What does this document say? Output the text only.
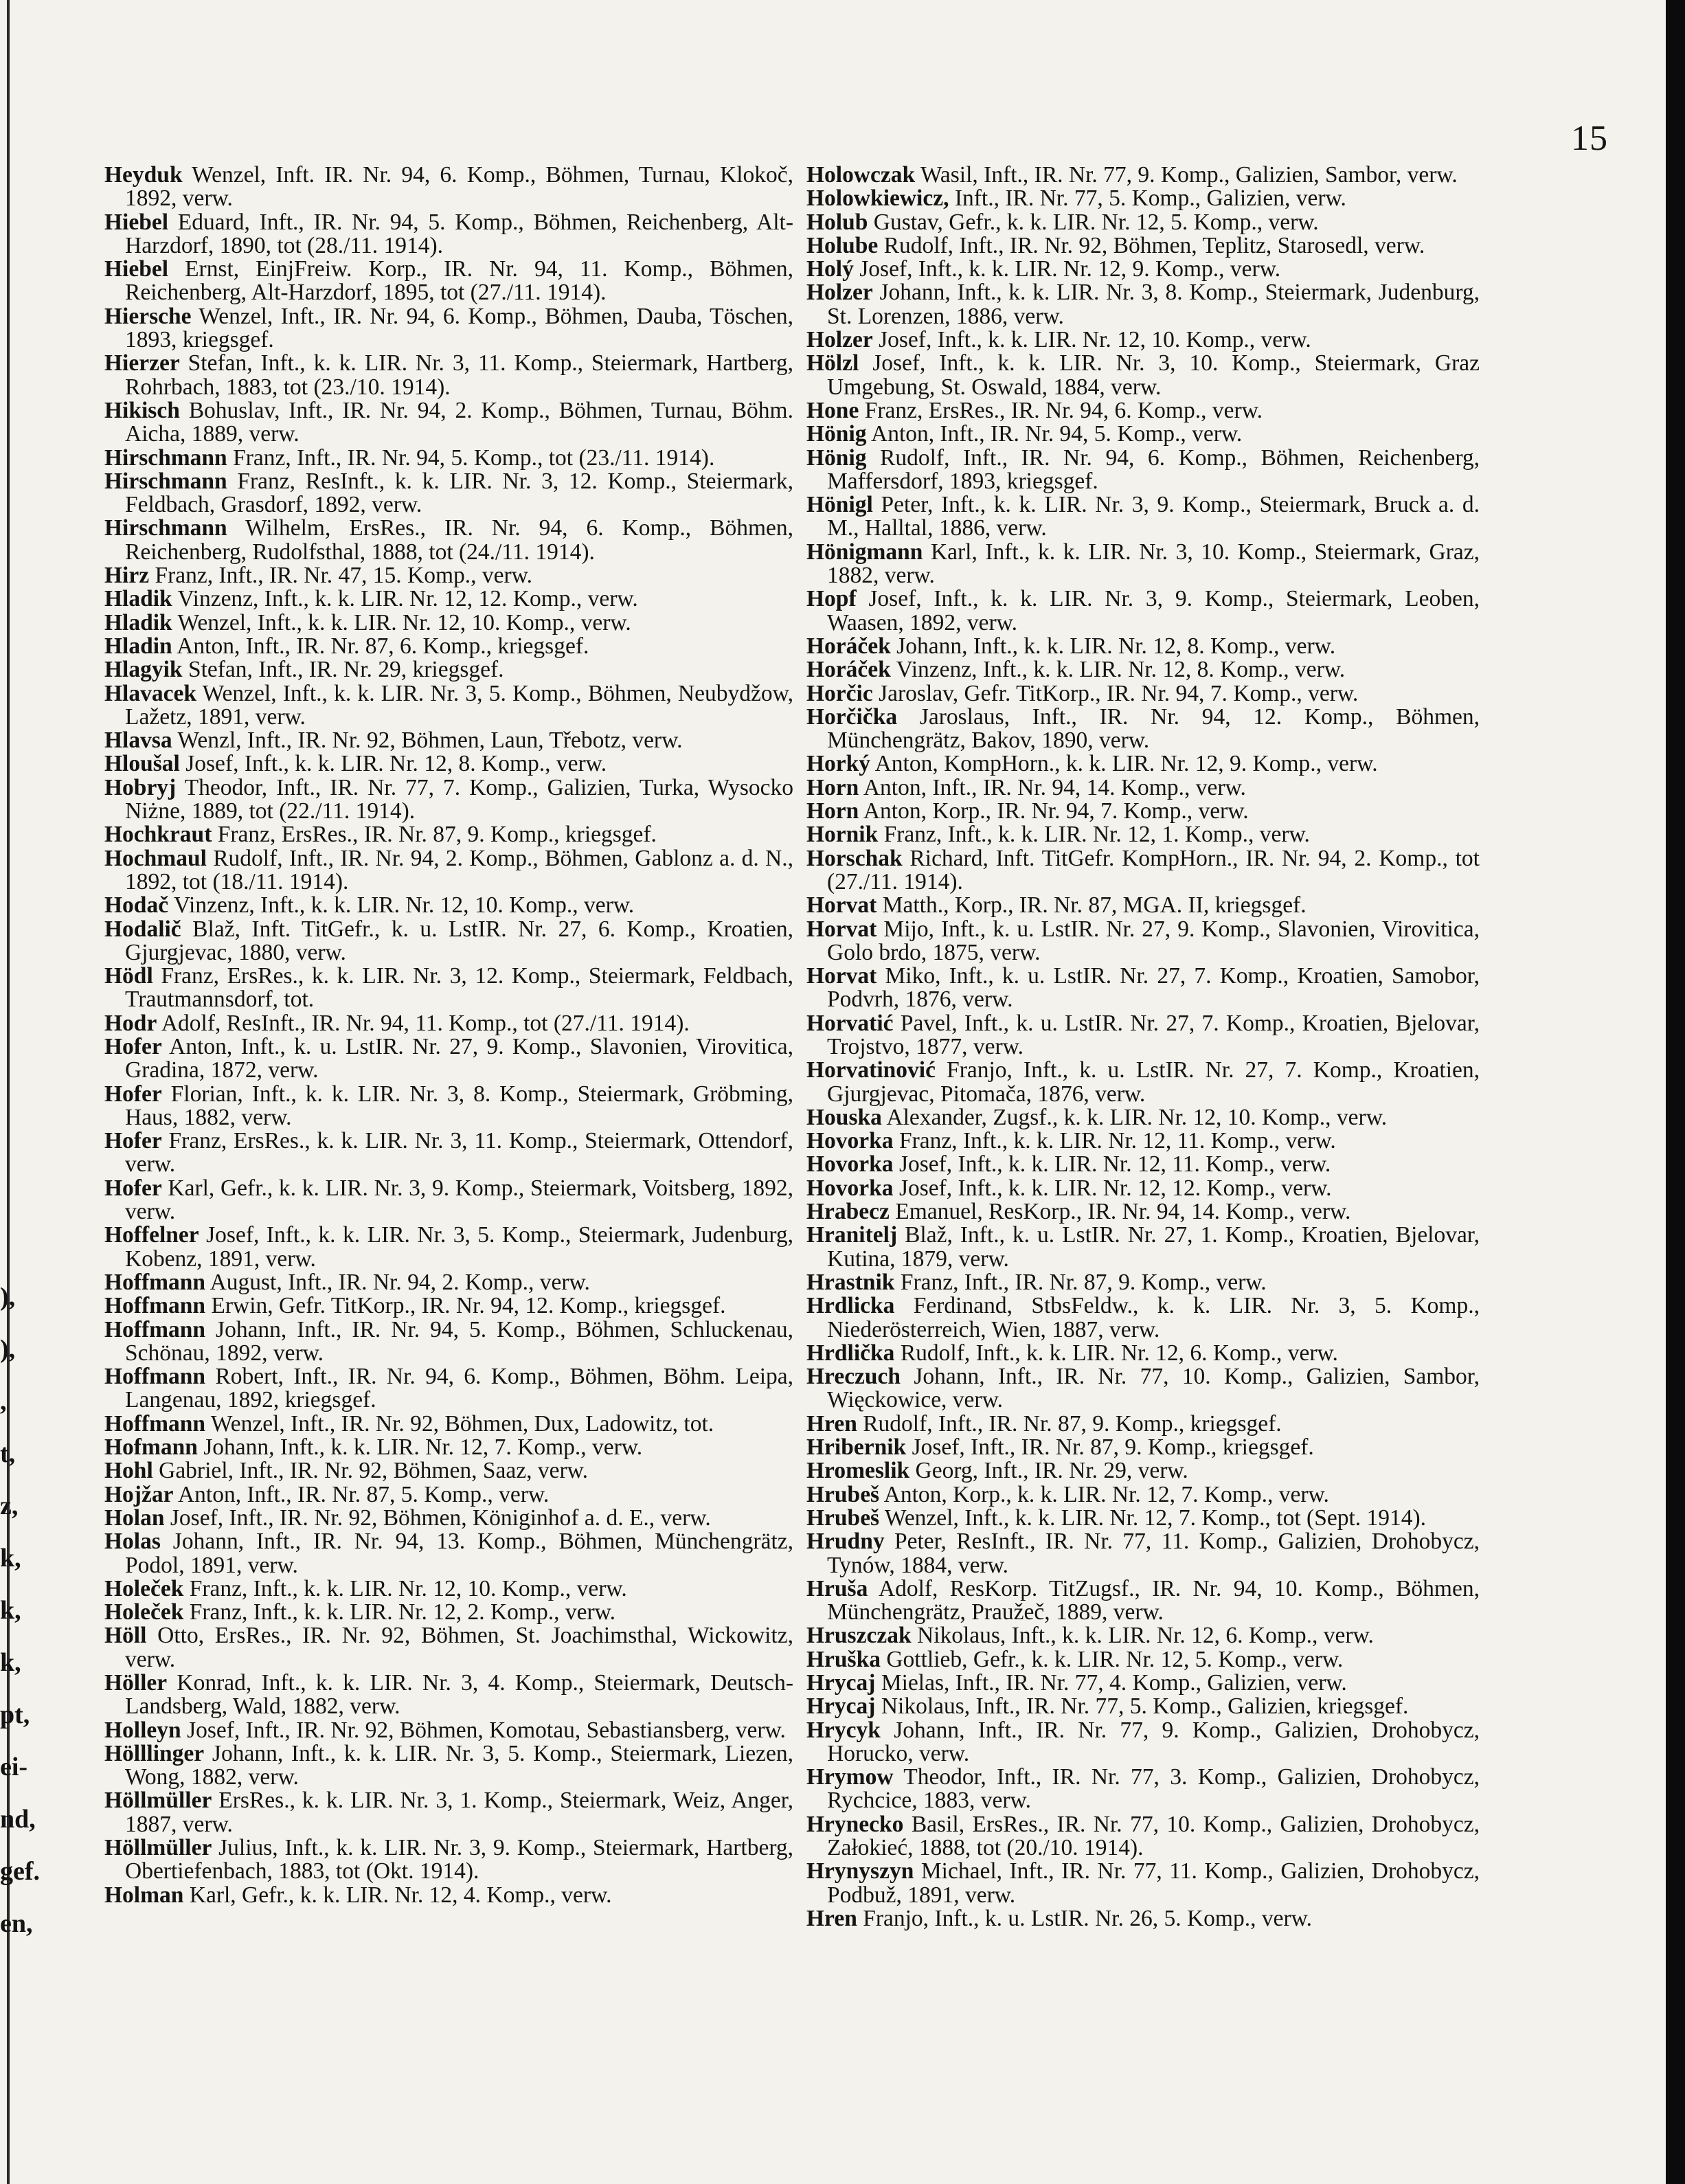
),
),
,
t,
z,
k,
k,
k,
pt,
ei-
nd,
gef.
en,
15
Heyduk Wenzel, Inft. IR. Nr. 94, 6. Komp., Böhmen, Turnau, Klokoč, 1892, verw.
Hiebel Eduard, Inft., IR. Nr. 94, 5. Komp., Böhmen, Reichenberg, Alt-Harzdorf, 1890, tot (28./11. 1914).
Hiebel Ernst, EinjFreiw. Korp., IR. Nr. 94, 11. Komp., Böhmen, Reichenberg, Alt-Harzdorf, 1895, tot (27./11. 1914).
Hiersche Wenzel, Inft., IR. Nr. 94, 6. Komp., Böhmen, Dauba, Töschen, 1893, kriegsgef.
Hierzer Stefan, Inft., k. k. LIR. Nr. 3, 11. Komp., Steiermark, Hartberg, Rohrbach, 1883, tot (23./10. 1914).
Hikisch Bohuslav, Inft., IR. Nr. 94, 2. Komp., Böhmen, Turnau, Böhm. Aicha, 1889, verw.
Hirschmann Franz, Inft., IR. Nr. 94, 5. Komp., tot (23./11. 1914).
Hirschmann Franz, ResInft., k. k. LIR. Nr. 3, 12. Komp., Steiermark, Feldbach, Grasdorf, 1892, verw.
Hirschmann Wilhelm, ErsRes., IR. Nr. 94, 6. Komp., Böhmen, Reichenberg, Rudolfsthal, 1888, tot (24./11. 1914).
Hirz Franz, Inft., IR. Nr. 47, 15. Komp., verw.
Hladik Vinzenz, Inft., k. k. LIR. Nr. 12, 12. Komp., verw.
Hladik Wenzel, Inft., k. k. LIR. Nr. 12, 10. Komp., verw.
Hladin Anton, Inft., IR. Nr. 87, 6. Komp., kriegsgef.
Hlagyik Stefan, Inft., IR. Nr. 29, kriegsgef.
Hlavacek Wenzel, Inft., k. k. LIR. Nr. 3, 5. Komp., Böhmen, Neubydžow, Lažetz, 1891, verw.
Hlavsa Wenzl, Inft., IR. Nr. 92, Böhmen, Laun, Třebotz, verw.
Hloušal Josef, Inft., k. k. LIR. Nr. 12, 8. Komp., verw.
Hobryj Theodor, Inft., IR. Nr. 77, 7. Komp., Galizien, Turka, Wysocko Niżne, 1889, tot (22./11. 1914).
Hochkraut Franz, ErsRes., IR. Nr. 87, 9. Komp., kriegsgef.
Hochmaul Rudolf, Inft., IR. Nr. 94, 2. Komp., Böhmen, Gablonz a. d. N., 1892, tot (18./11. 1914).
Hodač Vinzenz, Inft., k. k. LIR. Nr. 12, 10. Komp., verw.
Hodalič Blaž, Inft. TitGefr., k. u. LstIR. Nr. 27, 6. Komp., Kroatien, Gjurgjevac, 1880, verw.
Hödl Franz, ErsRes., k. k. LIR. Nr. 3, 12. Komp., Steiermark, Feldbach, Trautmannsdorf, tot.
Hodr Adolf, ResInft., IR. Nr. 94, 11. Komp., tot (27./11. 1914).
Hofer Anton, Inft., k. u. LstIR. Nr. 27, 9. Komp., Slavonien, Virovitica, Gradina, 1872, verw.
Hofer Florian, Inft., k. k. LIR. Nr. 3, 8. Komp., Steiermark, Gröbming, Haus, 1882, verw.
Hofer Franz, ErsRes., k. k. LIR. Nr. 3, 11. Komp., Steiermark, Ottendorf, verw.
Hofer Karl, Gefr., k. k. LIR. Nr. 3, 9. Komp., Steiermark, Voitsberg, 1892, verw.
Hoffelner Josef, Inft., k. k. LIR. Nr. 3, 5. Komp., Steiermark, Judenburg, Kobenz, 1891, verw.
Hoffmann August, Inft., IR. Nr. 94, 2. Komp., verw.
Hoffmann Erwin, Gefr. TitKorp., IR. Nr. 94, 12. Komp., kriegsgef.
Hoffmann Johann, Inft., IR. Nr. 94, 5. Komp., Böhmen, Schluckenau, Schönau, 1892, verw.
Hoffmann Robert, Inft., IR. Nr. 94, 6. Komp., Böhmen, Böhm. Leipa, Langenau, 1892, kriegsgef.
Hoffmann Wenzel, Inft., IR. Nr. 92, Böhmen, Dux, Ladowitz, tot.
Hofmann Johann, Inft., k. k. LIR. Nr. 12, 7. Komp., verw.
Hohl Gabriel, Inft., IR. Nr. 92, Böhmen, Saaz, verw.
Hojžar Anton, Inft., IR. Nr. 87, 5. Komp., verw.
Holan Josef, Inft., IR. Nr. 92, Böhmen, Königinhof a. d. E., verw.
Holas Johann, Inft., IR. Nr. 94, 13. Komp., Böhmen, Münchengrätz, Podol, 1891, verw.
Holeček Franz, Inft., k. k. LIR. Nr. 12, 10. Komp., verw.
Holeček Franz, Inft., k. k. LIR. Nr. 12, 2. Komp., verw.
Höll Otto, ErsRes., IR. Nr. 92, Böhmen, St. Joachimsthal, Wickowitz, verw.
Höller Konrad, Inft., k. k. LIR. Nr. 3, 4. Komp., Steiermark, Deutsch-Landsberg, Wald, 1882, verw.
Holleyn Josef, Inft., IR. Nr. 92, Böhmen, Komotau, Sebastiansberg, verw.
Hölllinger Johann, Inft., k. k. LIR. Nr. 3, 5. Komp., Steiermark, Liezen, Wong, 1882, verw.
Höllmüller ErsRes., k. k. LIR. Nr. 3, 1. Komp., Steiermark, Weiz, Anger, 1887, verw.
Höllmüller Julius, Inft., k. k. LIR. Nr. 3, 9. Komp., Steiermark, Hartberg, Obertiefenbach, 1883, tot (Okt. 1914).
Holman Karl, Gefr., k. k. LIR. Nr. 12, 4. Komp., verw.
Holowczak Wasil, Inft., IR. Nr. 77, 9. Komp., Galizien, Sambor, verw.
Holowkiewicz, Inft., IR. Nr. 77, 5. Komp., Galizien, verw.
Holub Gustav, Gefr., k. k. LIR. Nr. 12, 5. Komp., verw.
Holube Rudolf, Inft., IR. Nr. 92, Böhmen, Teplitz, Starosedl, verw.
Holý Josef, Inft., k. k. LIR. Nr. 12, 9. Komp., verw.
Holzer Johann, Inft., k. k. LIR. Nr. 3, 8. Komp., Steiermark, Judenburg, St. Lorenzen, 1886, verw.
Holzer Josef, Inft., k. k. LIR. Nr. 12, 10. Komp., verw.
Hölzl Josef, Inft., k. k. LIR. Nr. 3, 10. Komp., Steiermark, Graz Umgebung, St. Oswald, 1884, verw.
Hone Franz, ErsRes., IR. Nr. 94, 6. Komp., verw.
Hönig Anton, Inft., IR. Nr. 94, 5. Komp., verw.
Hönig Rudolf, Inft., IR. Nr. 94, 6. Komp., Böhmen, Reichenberg, Maffersdorf, 1893, kriegsgef.
Hönigl Peter, Inft., k. k. LIR. Nr. 3, 9. Komp., Steiermark, Bruck a. d. M., Halltal, 1886, verw.
Hönigmann Karl, Inft., k. k. LIR. Nr. 3, 10. Komp., Steiermark, Graz, 1882, verw.
Hopf Josef, Inft., k. k. LIR. Nr. 3, 9. Komp., Steiermark, Leoben, Waasen, 1892, verw.
Horáček Johann, Inft., k. k. LIR. Nr. 12, 8. Komp., verw.
Horáček Vinzenz, Inft., k. k. LIR. Nr. 12, 8. Komp., verw.
Horčic Jaroslav, Gefr. TitKorp., IR. Nr. 94, 7. Komp., verw.
Horčička Jaroslaus, Inft., IR. Nr. 94, 12. Komp., Böhmen, Münchengrätz, Bakov, 1890, verw.
Horký Anton, KompHorn., k. k. LIR. Nr. 12, 9. Komp., verw.
Horn Anton, Inft., IR. Nr. 94, 14. Komp., verw.
Horn Anton, Korp., IR. Nr. 94, 7. Komp., verw.
Hornik Franz, Inft., k. k. LIR. Nr. 12, 1. Komp., verw.
Horschak Richard, Inft. TitGefr. KompHorn., IR. Nr. 94, 2. Komp., tot (27./11. 1914).
Horvat Matth., Korp., IR. Nr. 87, MGA. II, kriegsgef.
Horvat Mijo, Inft., k. u. LstIR. Nr. 27, 9. Komp., Slavonien, Virovitica, Golo brdo, 1875, verw.
Horvat Miko, Inft., k. u. LstIR. Nr. 27, 7. Komp., Kroatien, Samobor, Podvrh, 1876, verw.
Horvatić Pavel, Inft., k. u. LstIR. Nr. 27, 7. Komp., Kroatien, Bjelovar, Trojstvo, 1877, verw.
Horvatinović Franjo, Inft., k. u. LstIR. Nr. 27, 7. Komp., Kroatien, Gjurgjevac, Pitomača, 1876, verw.
Houska Alexander, Zugsf., k. k. LIR. Nr. 12, 10. Komp., verw.
Hovorka Franz, Inft., k. k. LIR. Nr. 12, 11. Komp., verw.
Hovorka Josef, Inft., k. k. LIR. Nr. 12, 11. Komp., verw.
Hovorka Josef, Inft., k. k. LIR. Nr. 12, 12. Komp., verw.
Hrabecz Emanuel, ResKorp., IR. Nr. 94, 14. Komp., verw.
Hranitelj Blaž, Inft., k. u. LstIR. Nr. 27, 1. Komp., Kroatien, Bjelovar, Kutina, 1879, verw.
Hrastnik Franz, Inft., IR. Nr. 87, 9. Komp., verw.
Hrdlicka Ferdinand, StbsFeldw., k. k. LIR. Nr. 3, 5. Komp., Niederösterreich, Wien, 1887, verw.
Hrdlička Rudolf, Inft., k. k. LIR. Nr. 12, 6. Komp., verw.
Hreczuch Johann, Inft., IR. Nr. 77, 10. Komp., Galizien, Sambor, Więckowice, verw.
Hren Rudolf, Inft., IR. Nr. 87, 9. Komp., kriegsgef.
Hribernik Josef, Inft., IR. Nr. 87, 9. Komp., kriegsgef.
Hromeslik Georg, Inft., IR. Nr. 29, verw.
Hrubeš Anton, Korp., k. k. LIR. Nr. 12, 7. Komp., verw.
Hrubeš Wenzel, Inft., k. k. LIR. Nr. 12, 7. Komp., tot (Sept. 1914).
Hrudny Peter, ResInft., IR. Nr. 77, 11. Komp., Galizien, Drohobycz, Tynów, 1884, verw.
Hruša Adolf, ResKorp. TitZugsf., IR. Nr. 94, 10. Komp., Böhmen, Münchengrätz, Praužeč, 1889, verw.
Hruszczak Nikolaus, Inft., k. k. LIR. Nr. 12, 6. Komp., verw.
Hruška Gottlieb, Gefr., k. k. LIR. Nr. 12, 5. Komp., verw.
Hrycaj Mielas, Inft., IR. Nr. 77, 4. Komp., Galizien, verw.
Hrycaj Nikolaus, Inft., IR. Nr. 77, 5. Komp., Galizien, kriegsgef.
Hrycyk Johann, Inft., IR. Nr. 77, 9. Komp., Galizien, Drohobycz, Horucko, verw.
Hrymow Theodor, Inft., IR. Nr. 77, 3. Komp., Galizien, Drohobycz, Rychcice, 1883, verw.
Hrynecko Basil, ErsRes., IR. Nr. 77, 10. Komp., Galizien, Drohobycz, Załokieć, 1888, tot (20./10. 1914).
Hrynyszyn Michael, Inft., IR. Nr. 77, 11. Komp., Galizien, Drohobycz, Podbuž, 1891, verw.
Hren Franjo, Inft., k. u. LstIR. Nr. 26, 5. Komp., verw.
